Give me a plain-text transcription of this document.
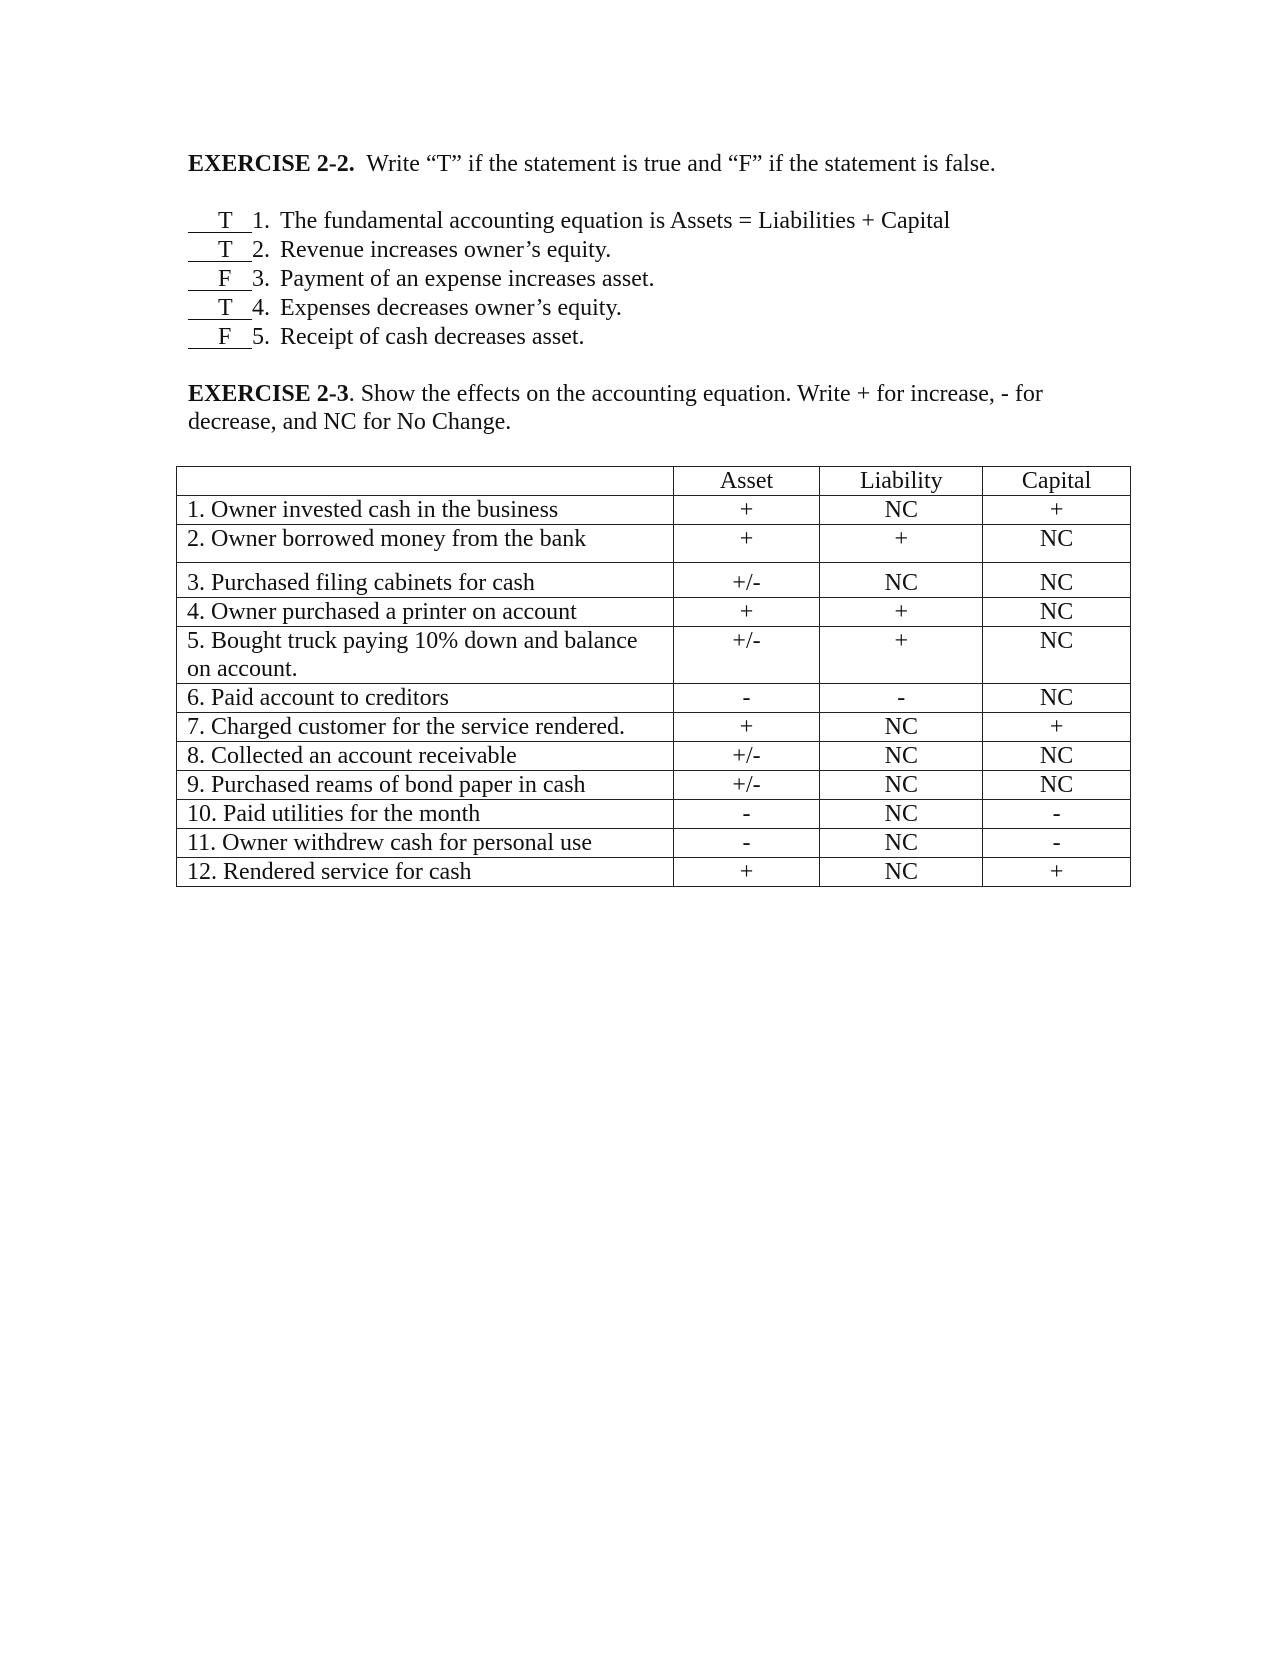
EXERCISE 2-2. Write “T” if the statement is true and “F” if the statement is false.
T 1. The fundamental accounting equation is Assets = Liabilities + Capital
T 2. Revenue increases owner’s equity.
F 3. Payment of an expense increases asset.
T 4. Expenses decreases owner’s equity.
F 5. Receipt of cash decreases asset.
EXERCISE 2-3. Show the effects on the accounting equation. Write + for increase, - for decrease, and NC for No Change.
	Asset	Liability	Capital
1. Owner invested cash in the business	+	NC	+
2. Owner borrowed money from the bank	+	+	NC
3. Purchased filing cabinets for cash	+/-	NC	NC
4. Owner purchased a printer on account	+	+	NC
5. Bought truck paying 10% down and balance on account.	+/-	+	NC
6. Paid account to creditors	-	-	NC
7. Charged customer for the service rendered.	+	NC	+
8. Collected an account receivable	+/-	NC	NC
9. Purchased reams of bond paper in cash	+/-	NC	NC
10. Paid utilities for the month	-	NC	-
11. Owner withdrew cash for personal use	-	NC	-
12. Rendered service for cash	+	NC	+
